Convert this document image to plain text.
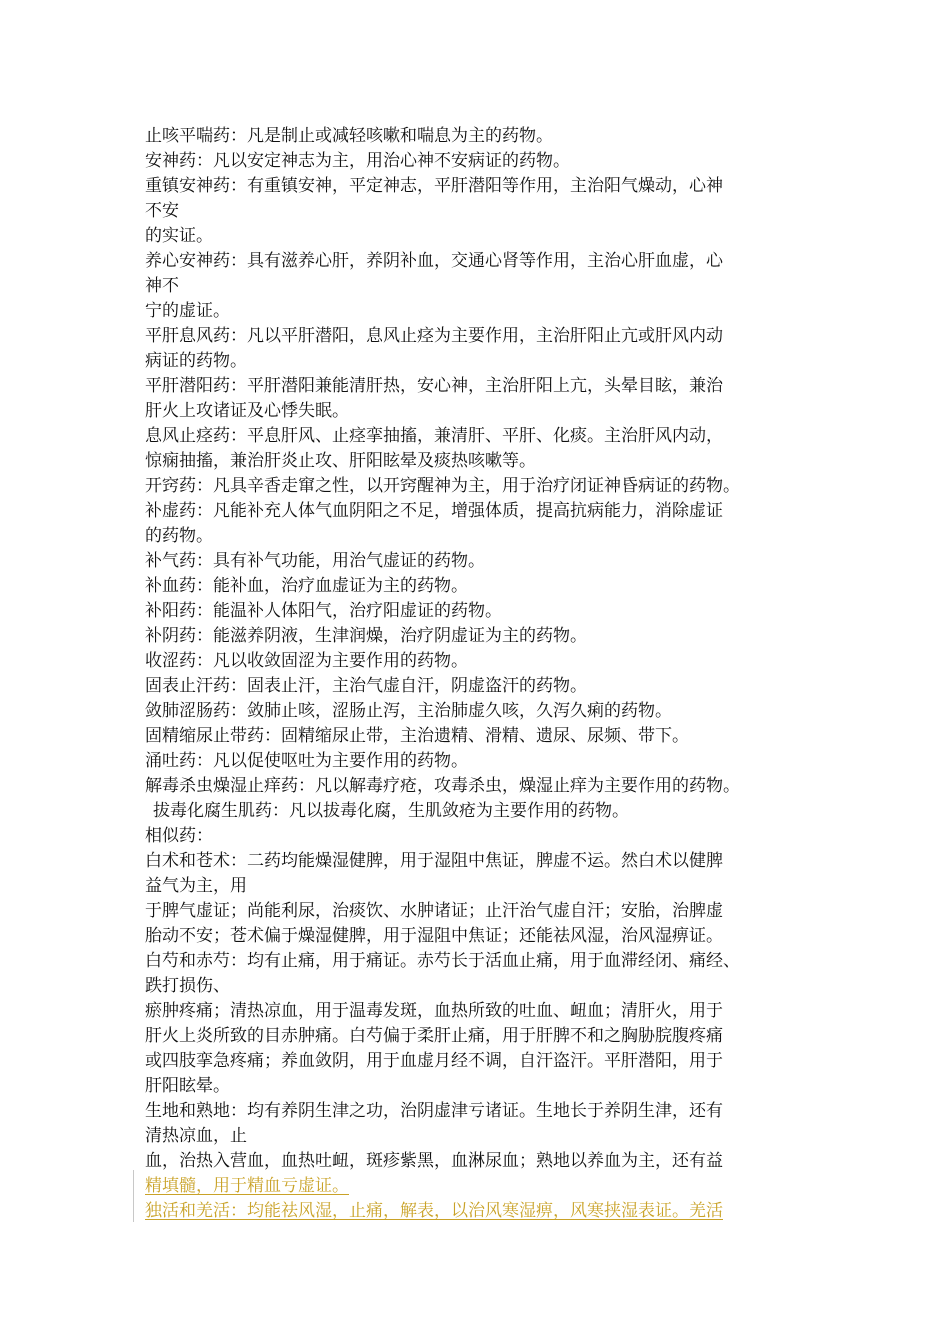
止咳平喘药：凡是制止或减轻咳嗽和喘息为主的药物。
安神药：凡以安定神志为主，用治心神不安病证的药物。
重镇安神药：有重镇安神，平定神志，平肝潜阳等作用，主治阳气燥动，心神
不安
的实证。
养心安神药：具有滋养心肝，养阴补血，交通心肾等作用，主治心肝血虚，心
神不
宁的虚证。
平肝息风药：凡以平肝潜阳，息风止痉为主要作用，主治肝阳止亢或肝风内动
病证的药物。
平肝潜阳药：平肝潜阳兼能清肝热，安心神，主治肝阳上亢，头晕目眩，兼治
肝火上攻诸证及心悸失眠。
息风止痉药：平息肝风、止痉挛抽搐，兼清肝、平肝、化痰。主治肝风内动，
惊痫抽搐，兼治肝炎止攻、肝阳眩晕及痰热咳嗽等。
开窍药：凡具辛香走窜之性，以开窍醒神为主，用于治疗闭证神昏病证的药物。
补虚药：凡能补充人体气血阴阳之不足，增强体质，提高抗病能力，消除虚证
的药物。
补气药：具有补气功能，用治气虚证的药物。
补血药：能补血，治疗血虚证为主的药物。
补阳药：能温补人体阳气，治疗阳虚证的药物。
补阴药：能滋养阴液，生津润燥，治疗阴虚证为主的药物。
收涩药：凡以收敛固涩为主要作用的药物。
固表止汗药：固表止汗，主治气虚自汗，阴虚盗汗的药物。
敛肺涩肠药：敛肺止咳，涩肠止泻，主治肺虚久咳，久泻久痢的药物。
固精缩尿止带药：固精缩尿止带，主治遗精、滑精、遗尿、尿频、带下。
涌吐药：凡以促使呕吐为主要作用的药物。
解毒杀虫燥湿止痒药：凡以解毒疗疮，攻毒杀虫，燥湿止痒为主要作用的药物。
拔毒化腐生肌药：凡以拔毒化腐，生肌敛疮为主要作用的药物。
相似药：
白术和苍术：二药均能燥湿健脾，用于湿阻中焦证，脾虚不运。然白术以健脾
益气为主，用
于脾气虚证；尚能利尿，治痰饮、水肿诸证；止汗治气虚自汗；安胎，治脾虚
胎动不安；苍术偏于燥湿健脾，用于湿阻中焦证；还能祛风湿，治风湿痹证。
白芍和赤芍：均有止痛，用于痛证。赤芍长于活血止痛，用于血滞经闭、痛经、
跌打损伤、
瘀肿疼痛；清热凉血，用于温毒发斑，血热所致的吐血、衄血；清肝火，用于
肝火上炎所致的目赤肿痛。白芍偏于柔肝止痛，用于肝脾不和之胸胁脘腹疼痛
或四肢挛急疼痛；养血敛阴，用于血虚月经不调，自汗盗汗。平肝潜阳，用于
肝阳眩晕。
生地和熟地：均有养阴生津之功，治阴虚津亏诸证。生地长于养阴生津，还有
清热凉血，止
血，治热入营血，血热吐衄，斑疹紫黑，血淋尿血；熟地以养血为主，还有益
精填髓，用于精血亏虚证。
独活和羌活：均能祛风湿，止痛，解表，以治风寒湿痹，风寒挟湿表证。羌活
